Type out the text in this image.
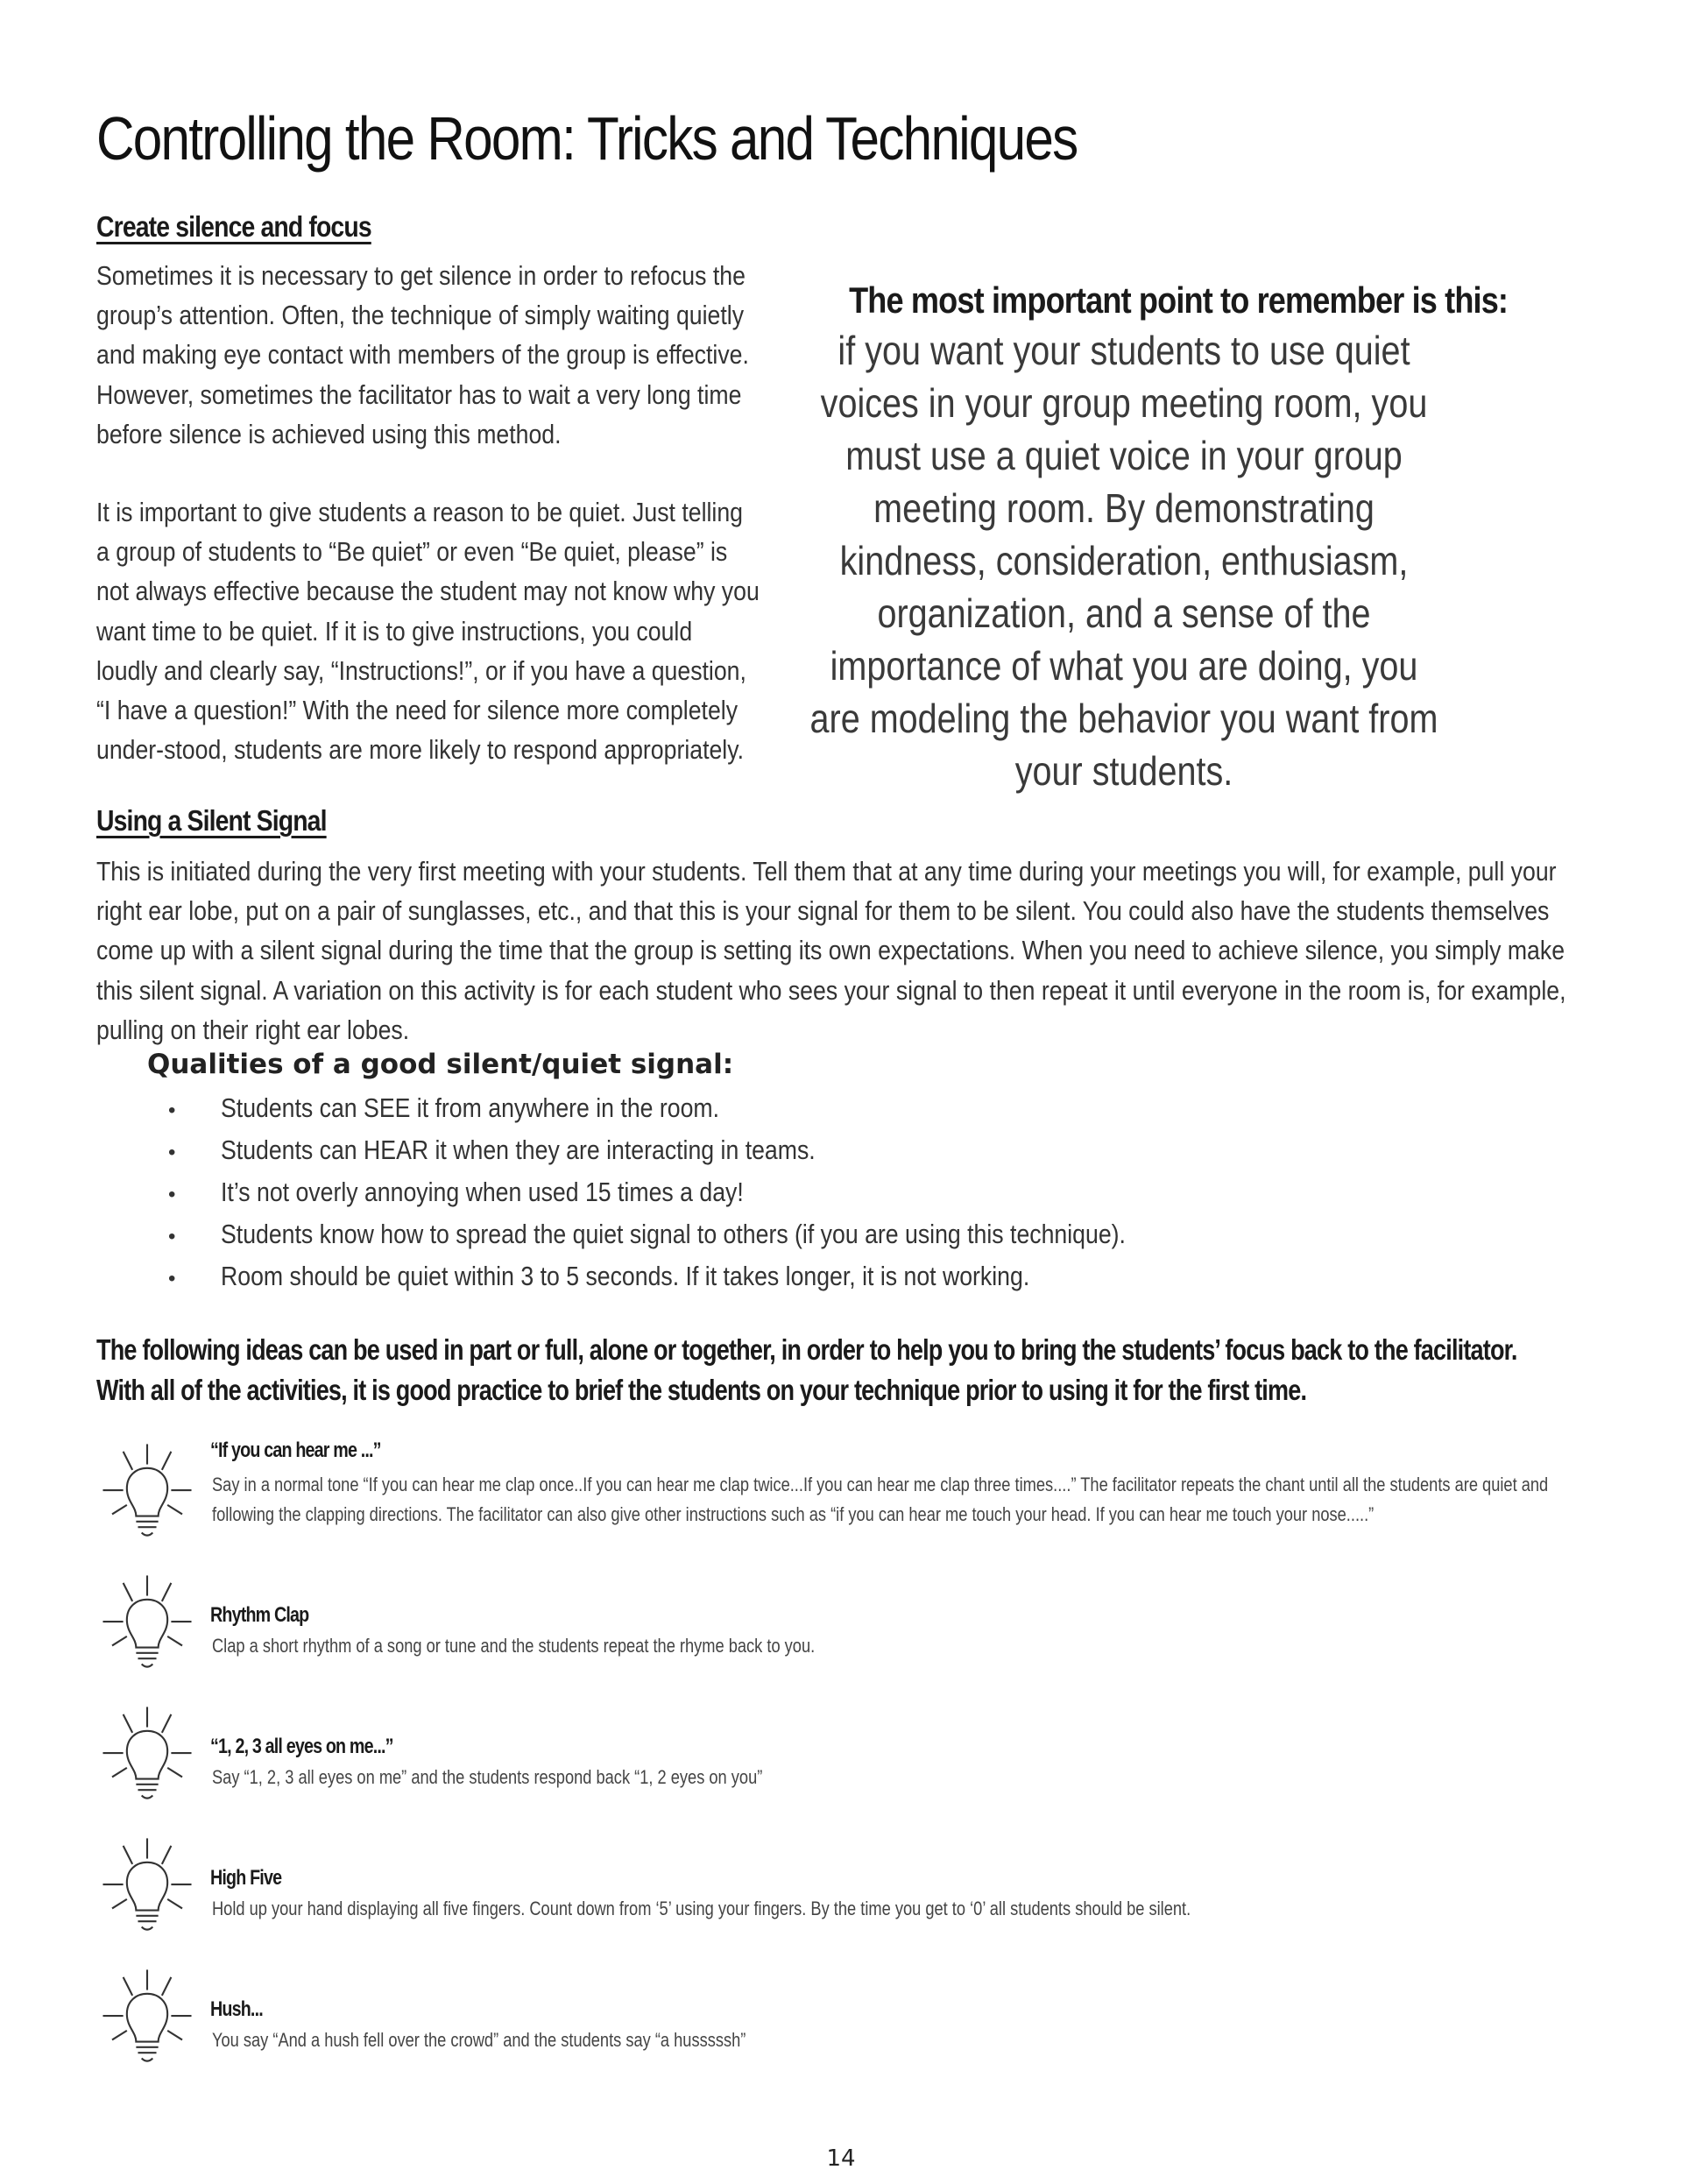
Controlling the Room: Tricks and Techniques
Create silence and focus

Sometimes it is necessary to get silence in order to refocus the group’s attention. Often, the technique of simply waiting quietly and making eye contact with members of the group is effective. However, sometimes the facilitator has to wait a very long time before silence is achieved using this method.

It is important to give students a reason to be quiet. Just telling a group of students to “Be quiet” or even “Be quiet, please” is not always effective because the student may not know why you want time to be quiet. If it is to give instructions, you could loudly and clearly say, “Instructions!”, or if you have a question, “I have a question!” With the need for silence more completely under-stood, students are more likely to respond appropriately.

The most important point to remember is this:
if you want your students to use quiet voices in your group meeting room, you must use a quiet voice in your group meeting room. By demonstrating kindness, consideration, enthusiasm, organization, and a sense of the importance of what you are doing, you are modeling the behavior you want from your students.
Using a Silent Signal

This is initiated during the very first meeting with your students. Tell them that at any time during your meetings you will, for example, pull your right ear lobe, put on a pair of sunglasses, etc., and that this is your signal for them to be silent. You could also have the students themselves come up with a silent signal during the time that the group is setting its own expectations. When you need to achieve silence, you simply make this silent signal. A variation on this activity is for each student who sees your signal to then repeat it until everyone in the room is, for example, pulling on their right ear lobes.

Qualities of a good silent/quiet signal:
•	Students can SEE it from anywhere in the room.
•	Students can HEAR it when they are interacting in teams.
•	It’s not overly annoying when used 15 times a day!
•	Students know how to spread the quiet signal to others (if you are using this technique).
•	Room should be quiet within 3 to 5 seconds. If it takes longer, it is not working.

The following ideas can be used in part or full, alone or together, in order to help you to bring the students’ focus back to the facilitator. With all of the activities, it is good practice to brief the students on your technique prior to using it for the first time.

“If you can hear me ...”

Say in a normal tone “If you can hear me clap once..If you can hear me clap twice...If you can hear me clap three times....” The facilitator repeats the chant until all the students are quiet and following the clapping directions. The facilitator can also give other instructions such as “if you can hear me touch your head. If you can hear me touch your nose.....”

Rhythm Clap

Clap a short rhythm of a song or tune and the students repeat the rhyme back to you.

“1, 2, 3 all eyes on me...”

Say “1, 2, 3 all eyes on me” and the students respond back “1, 2 eyes on you”

High Five

Hold up your hand displaying all five fingers. Count down from ‘5’ using your fingers. By the time you get to ‘0’ all students should be silent.

Hush...

You say “And a hush fell over the crowd” and the students say “a husssssh”

14
